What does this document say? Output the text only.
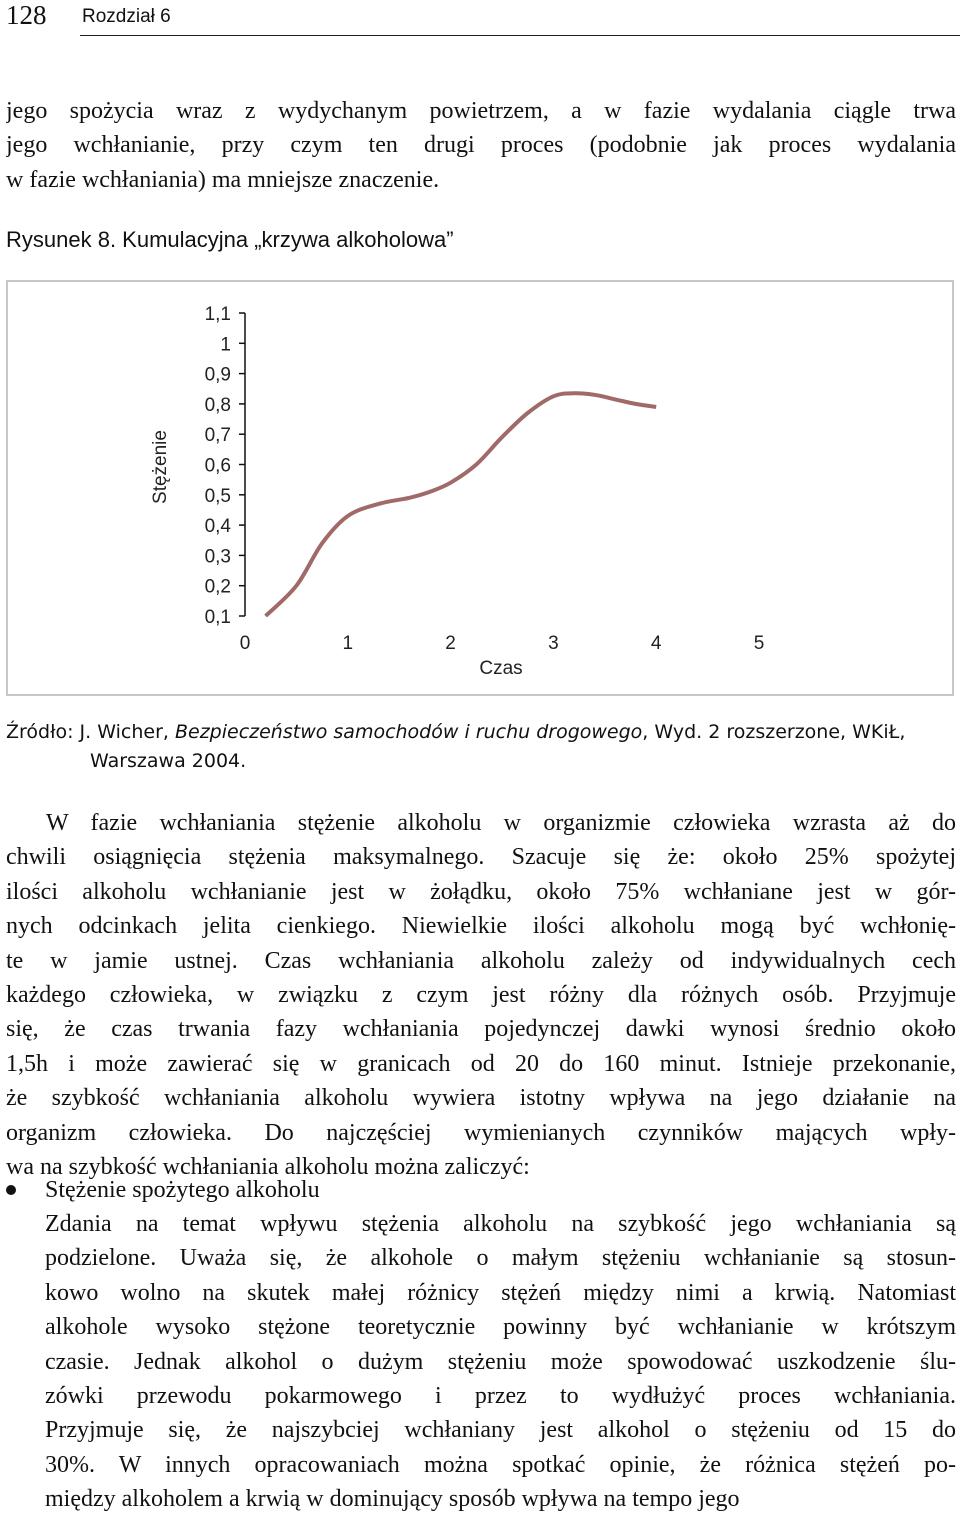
128 Rozdział 6
jego spożycia wraz z wydychanym powietrzem, a w fazie wydalania ciągle trwa
jego wchłanianie, przy czym ten drugi proces (podobnie jak proces wydalania
w fazie wchłaniania) ma mniejsze znaczenie.
Rysunek 8. Kumulacyjna „krzywa alkoholowa”
Stężenie
Czas
1,1
1
0,9
0,8
0,7
0,6
0,5
0,4
0,3
0,2
0,1
0	1	2	3	4	5
Źródło: J. Wicher, Bezpieczeństwo samochodów i ruchu drogowego, Wyd. 2 rozszerzone, WKiŁ,
Warszawa 2004.
W fazie wchłaniania stężenie alkoholu w organizmie człowieka wzrasta aż do
chwili osiągnięcia stężenia maksymalnego. Szacuje się że: około 25% spożytej
ilości alkoholu wchłanianie jest w żołądku, około 75% wchłaniane jest w gór-
nych odcinkach jelita cienkiego. Niewielkie ilości alkoholu mogą być wchłonię-
te w jamie ustnej. Czas wchłaniania alkoholu zależy od indywidualnych cech
każdego człowieka, w związku z czym jest różny dla różnych osób. Przyjmuje
się, że czas trwania fazy wchłaniania pojedynczej dawki wynosi średnio około
1,5h i może zawierać się w granicach od 20 do 160 minut. Istnieje przekonanie,
że szybkość wchłaniania alkoholu wywiera istotny wpływa na jego działanie na
organizm człowieka. Do najczęściej wymienianych czynników mających wpły-
wa na szybkość wchłaniania alkoholu można zaliczyć:
Stężenie spożytego alkoholu
Zdania na temat wpływu stężenia alkoholu na szybkość jego wchłaniania są
podzielone. Uważa się, że alkohole o małym stężeniu wchłanianie są stosun-
kowo wolno na skutek małej różnicy stężeń między nimi a krwią. Natomiast
alkohole wysoko stężone teoretycznie powinny być wchłanianie w krótszym
czasie. Jednak alkohol o dużym stężeniu może spowodować uszkodzenie ślu-
zówki przewodu pokarmowego i przez to wydłużyć proces wchłaniania.
Przyjmuje się, że najszybciej wchłaniany jest alkohol o stężeniu od 15 do
30%. W innych opracowaniach można spotkać opinie, że różnica stężeń po-
między alkoholem a krwią w dominujący sposób wpływa na tempo jego
